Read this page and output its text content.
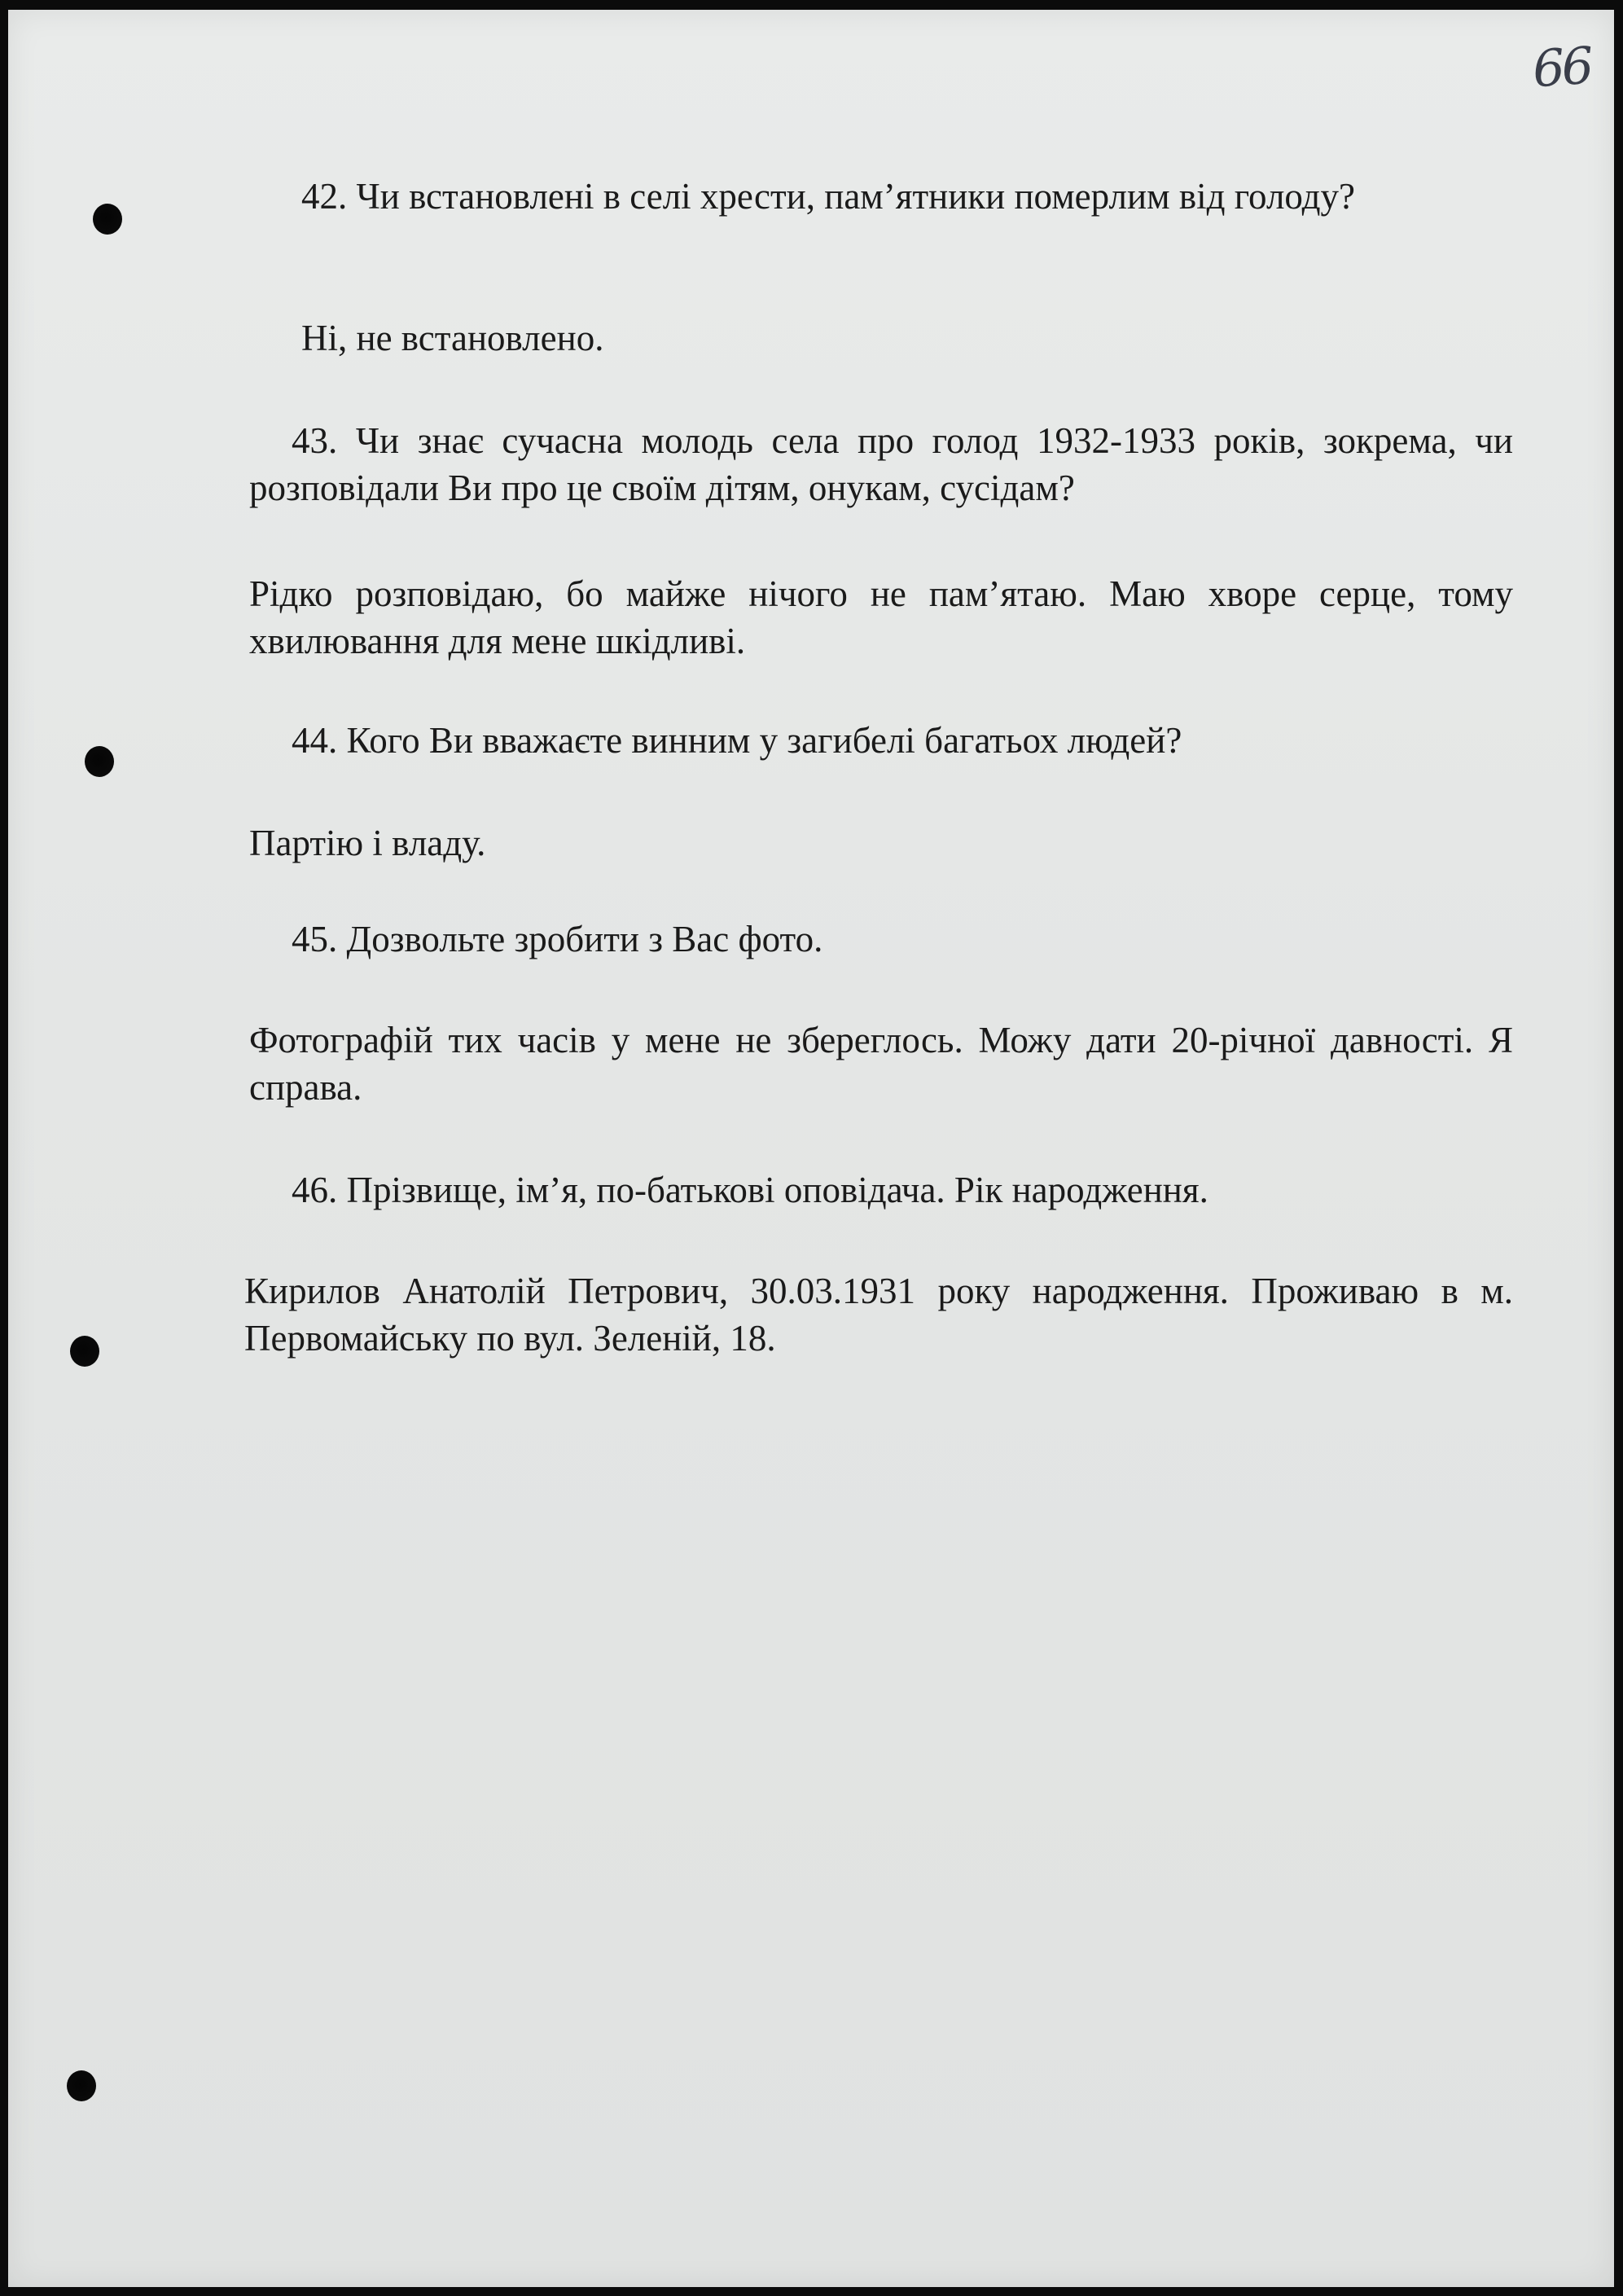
66

42. Чи встановлені в селі хрести, пам’ятники померлим від голоду?

Ні, не встановлено.

43. Чи знає сучасна молодь села про голод 1932-1933 років, зокрема, чи розповідали Ви про це своїм дітям, онукам, сусідам?

Рідко розповідаю, бо майже нічого не пам’ятаю. Маю хворе серце, тому хвилювання для мене шкідливі.

44. Кого Ви вважаєте винним у загибелі багатьох людей?

Партію і владу.

45. Дозвольте зробити з Вас фото.

Фотографій тих часів у мене не збереглось. Можу дати 20-річної давності. Я справа.

46. Прізвище, ім’я, по-батькові оповідача. Рік народження.

Кирилов Анатолій Петрович, 30.03.1931 року народження. Проживаю в м. Первомайську по вул. Зеленій, 18.
